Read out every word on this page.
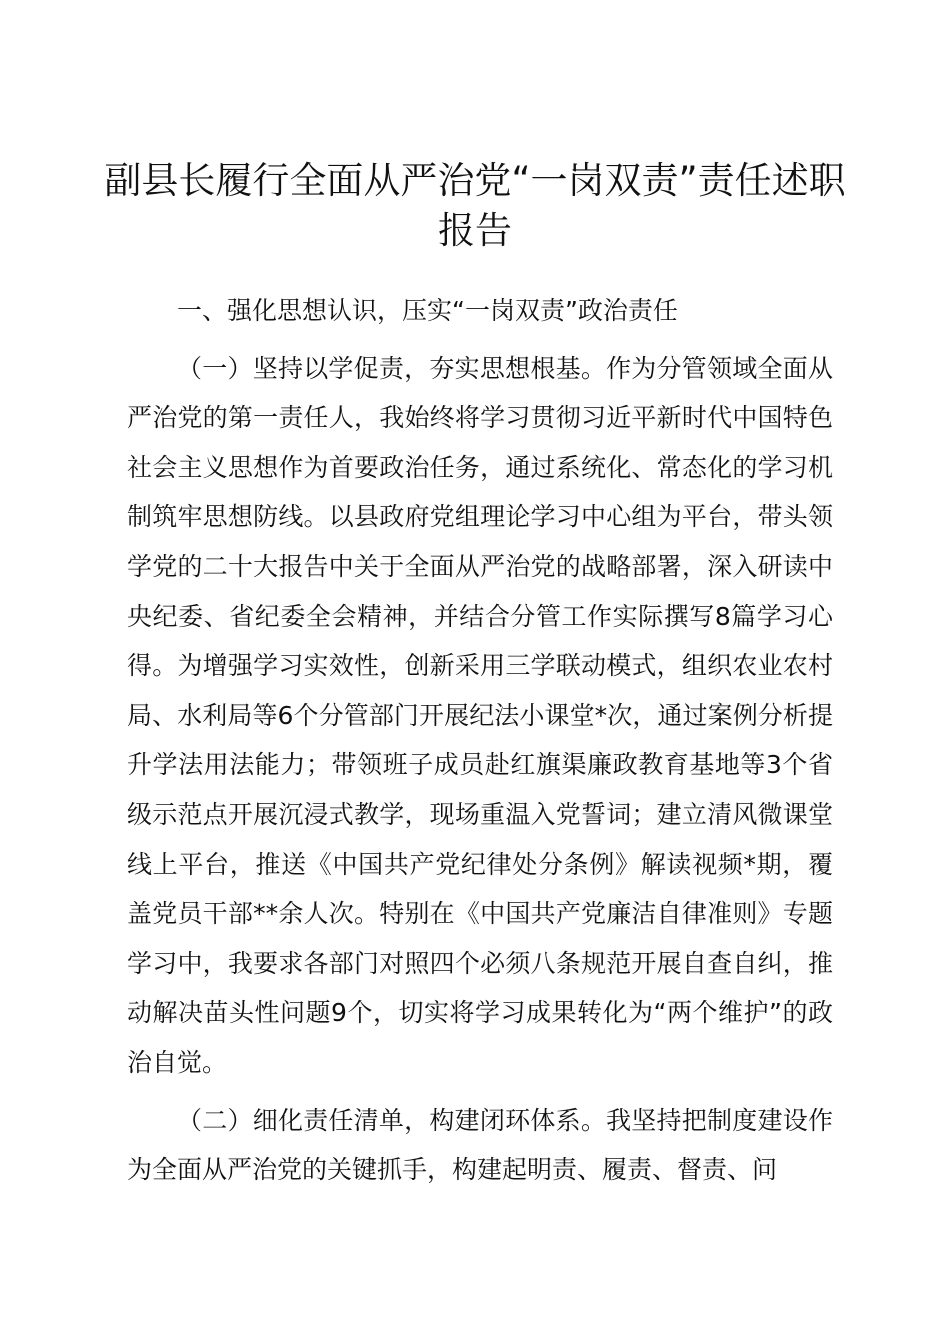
副县长履行全面从严治党“一岗双责”责任述职报告

一、强化思想认识，压实“一岗双责”政治责任

（一）坚持以学促责，夯实思想根基。作为分管领域全面从严治党的第一责任人，我始终将学习贯彻习近平新时代中国特色社会主义思想作为首要政治任务，通过系统化、常态化的学习机制筑牢思想防线。以县政府党组理论学习中心组为平台，带头领学党的二十大报告中关于全面从严治党的战略部署，深入研读中央纪委、省纪委全会精神，并结合分管工作实际撰写8篇学习心得。为增强学习实效性，创新采用三学联动模式，组织农业农村局、水利局等6个分管部门开展纪法小课堂*次，通过案例分析提升学法用法能力；带领班子成员赴红旗渠廉政教育基地等3个省级示范点开展沉浸式教学，现场重温入党誓词；建立清风微课堂线上平台，推送《中国共产党纪律处分条例》解读视频*期，覆盖党员干部**余人次。特别在《中国共产党廉洁自律准则》专题学习中，我要求各部门对照四个必须八条规范开展自查自纠，推动解决苗头性问题9个，切实将学习成果转化为“两个维护”的政治自觉。

（二）细化责任清单，构建闭环体系。我坚持把制度建设作为全面从严治党的关键抓手，构建起明责、履责、督责、问
